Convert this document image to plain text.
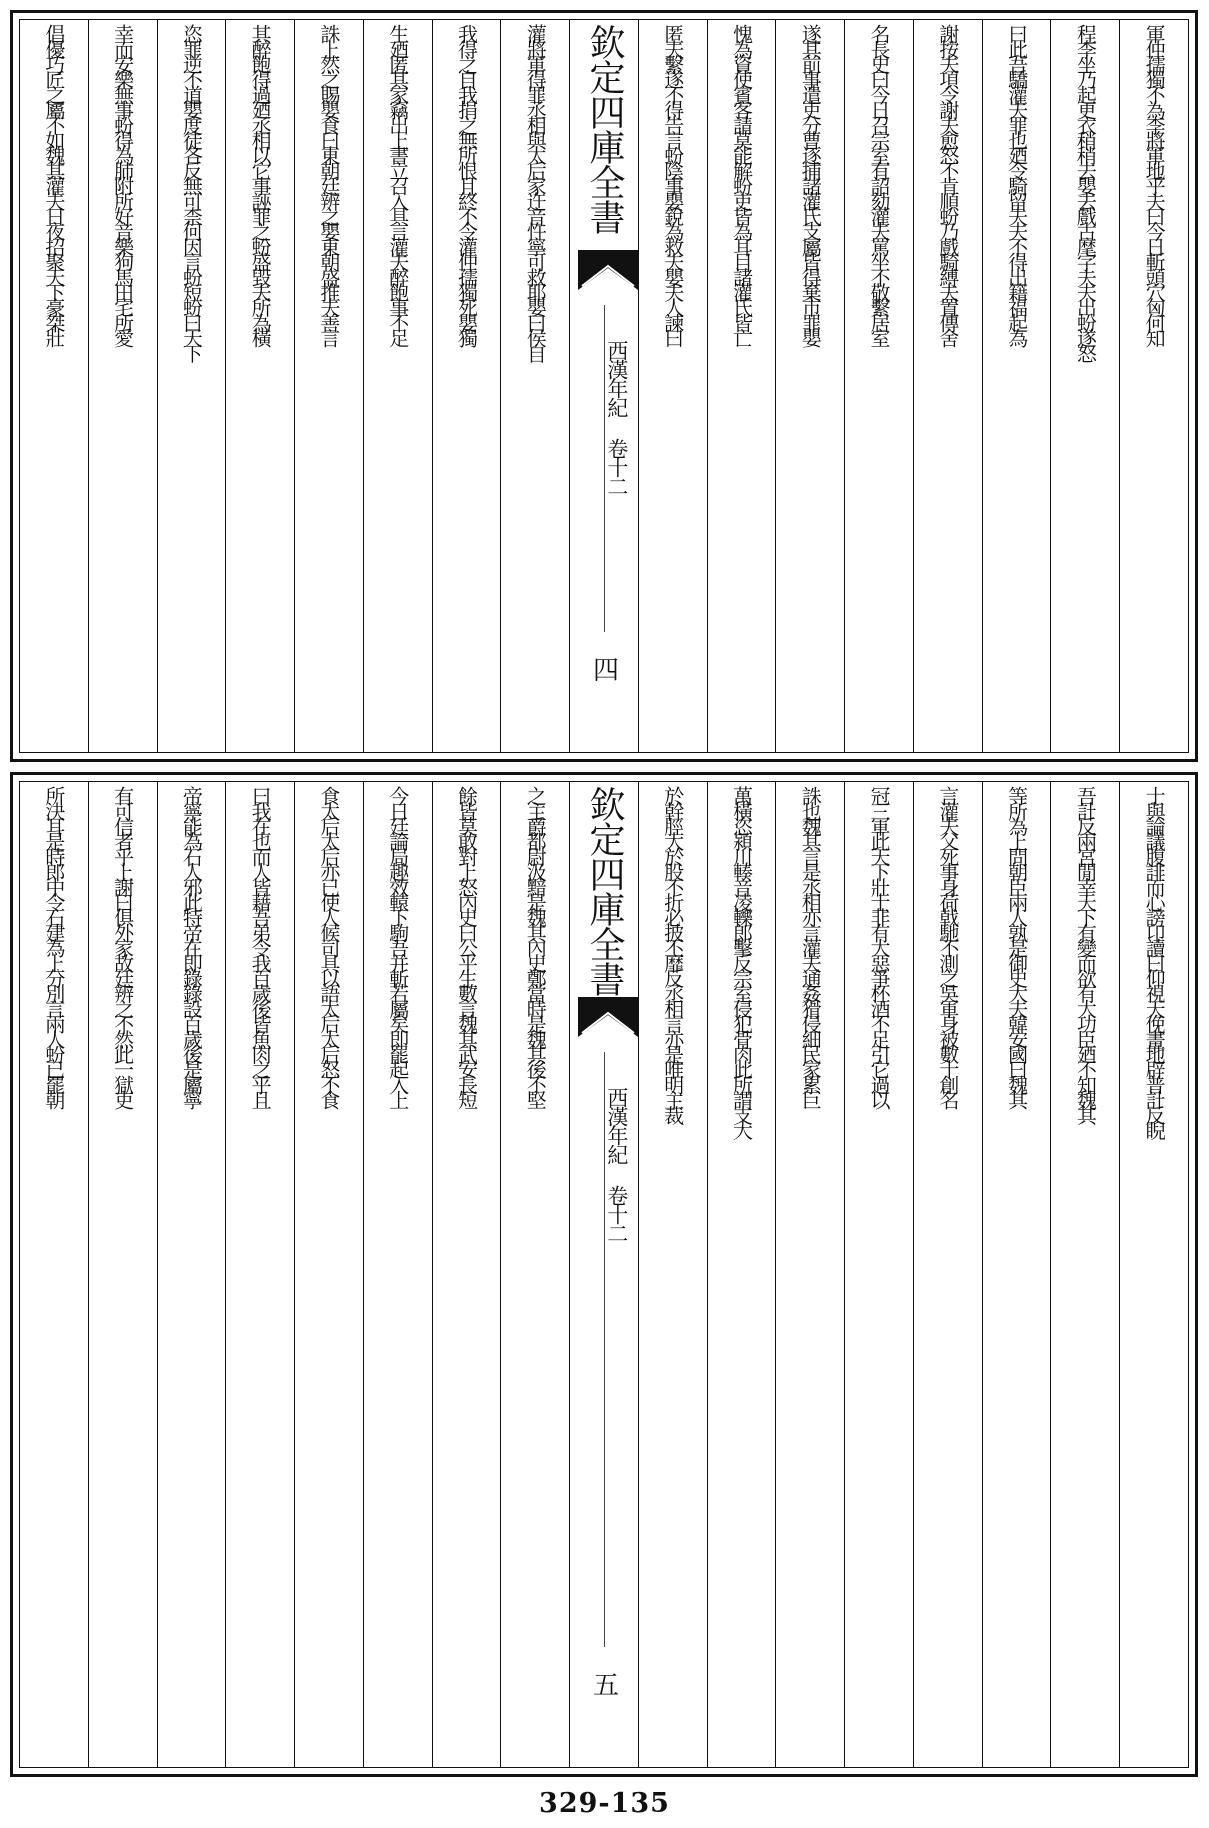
軍仲孺獨不為李將軍地乎夫曰今日斬頭穴匈何知
程李坐乃起更衣稍稍去嬰去戲古麾字夫夫出蚡遂怒
曰此吾驕灌夫罪也廼令騎留夫夫不得出籍福起為
謝按夫項令謝夫愈怒不肯順蚡乃戲騎縛夫置傳舍
名長史曰今日召宗室有詔劾灌夫罵坐不敬繫居室
遂其前事遣吏分曹逐捕諸灌氏支屬皆得棄市罪嬰
愧為資使賓客請莫能解蚡吏皆為耳目諸灌氏皆亡
匿夫繫遂不得告言蚡陰事嬰銳為救夫嬰夫人諫曰
欽定四庫全書
西漢年紀 卷十二
四
灌將軍得罪丞相與太后家迕音忤寧可救耶嬰曰侯自
我得之自我捐之無所恨且終不令灌仲孺獨死嬰獨
生廼匿其家竊出上書立召入具言灌夫醉飽事不足
誅上然之賜嬰食曰東朝廷辨之嬰東朝盛推夫善言
其醉飽得過廼丞相以它事誣罪之蚡盛毀夫所為橫
恣罪逆不道嬰度徒各反無可柰何因言蚡短蚡曰天下
幸而安樂無事蚡得為肺附所好音樂狗馬田宅所愛
倡優巧匠之屬不如魏其灌夫日夜招聚天下豪桀壯
士與論議腹誹而心謗卬讀曰仰視天俛畫地辟普計反睨
吾計反兩宮閒幸天下有變而欲有大功臣廼不知魏其
等所為上問朝臣兩人孰是御史大夫韓安國曰魏其
言灌夫父死事身荷戟馳不測之吳軍身被數十創名
冠三軍此天下壯士非有大惡爭杯酒不足引它過以
誅也魏其言是丞相亦言灌夫通姦猾侵細民家累巨
萬橫恣潁川輳音凌轢郎擊反宗室侵犯骨肉此所謂支大
於幹脛大於股不折必披丕靡反丞相言亦是唯明主裁
欽定四庫全書
西漢年紀 卷十二
五
之主爵都尉汲黯是魏其內史鄭當時是魏其後不堅
餘皆莫敢對上怒內史曰公平生數言魏其武安長短
今日廷論局趣效轅下駒吾并斬若屬矣即罷起入上
食太后太后亦已使人候司具以語太后太后怒不食
曰我在也而人皆藉吾弟令我百歲後皆魚肉之乎且
帝寧能為石人邪此特帝在即錄錄設百歲後是屬寧
有可信者乎上謝曰俱外家故廷辨之不然此一獄吏
所決耳是時郎中令石建為上分別言兩人蚡已罷朝
329-135
